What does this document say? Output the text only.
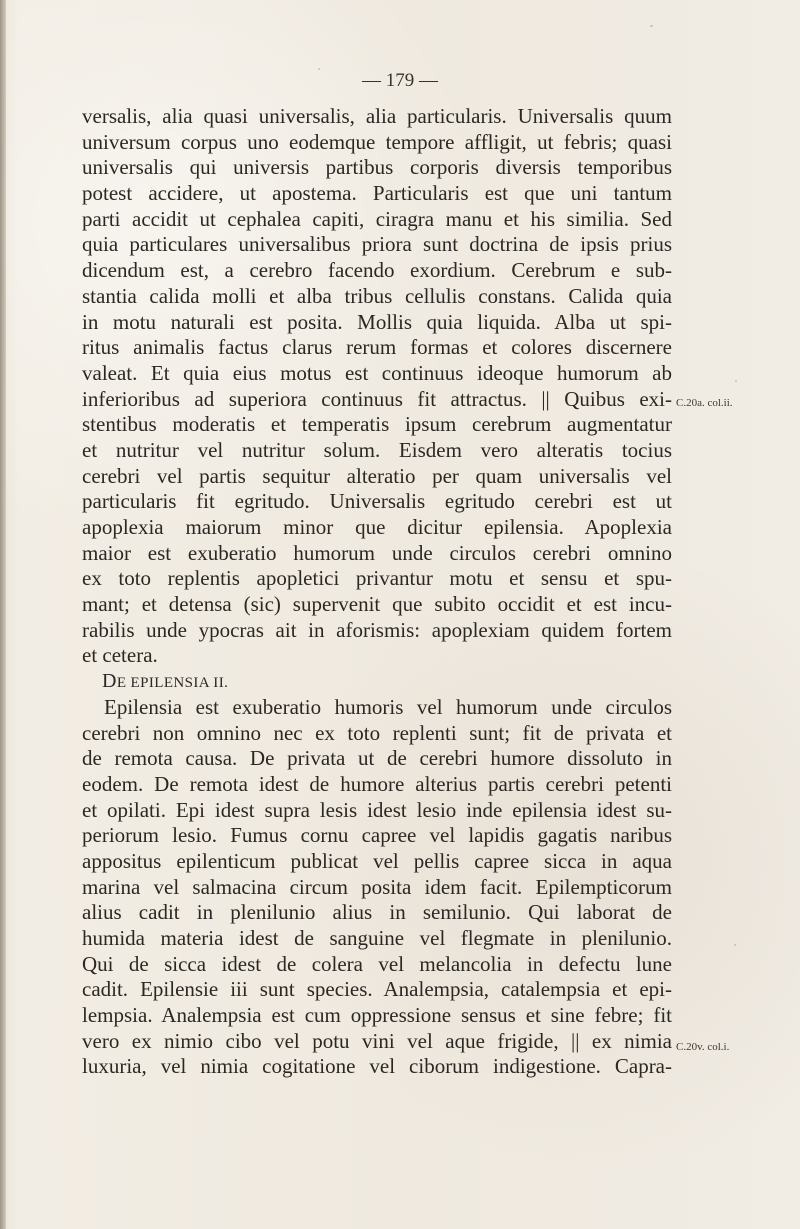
— 179 —
versalis, alia quasi universalis, alia particularis. Universalis quum
universum corpus uno eodemque tempore affligit, ut febris; quasi
universalis qui universis partibus corporis diversis temporibus
potest accidere, ut apostema. Particularis est que uni tantum
parti accidit ut cephalea capiti, ciragra manu et his similia. Sed
quia particulares universalibus priora sunt doctrina de ipsis prius
dicendum est, a cerebro facendo exordium. Cerebrum e sub-
stantia calida molli et alba tribus cellulis constans. Calida quia
in motu naturali est posita. Mollis quia liquida. Alba ut spi-
ritus animalis factus clarus rerum formas et colores discernere
valeat. Et quia eius motus est continuus ideoque humorum ab
inferioribus ad superiora continuus fit attractus. || Quibus exi-
stentibus moderatis et temperatis ipsum cerebrum augmentatur
et nutritur vel nutritur solum. Eisdem vero alteratis tocius
cerebri vel partis sequitur alteratio per quam universalis vel
particularis fit egritudo. Universalis egritudo cerebri est ut
apoplexia maiorum minor que dicitur epilensia. Apoplexia
maior est exuberatio humorum unde circulos cerebri omnino
ex toto replentis apopletici privantur motu et sensu et spu-
mant; et detensa (sic) supervenit que subito occidit et est incu-
rabilis unde ypocras ait in aforismis: apoplexiam quidem fortem
et cetera.
DE EPILENSIA II.
Epilensia est exuberatio humoris vel humorum unde circulos
cerebri non omnino nec ex toto replenti sunt; fit de privata et
de remota causa. De privata ut de cerebri humore dissoluto in
eodem. De remota idest de humore alterius partis cerebri petenti
et opilati. Epi idest supra lesis idest lesio inde epilensia idest su-
periorum lesio. Fumus cornu capree vel lapidis gagatis naribus
appositus epilenticum publicat vel pellis capree sicca in aqua
marina vel salmacina circum posita idem facit. Epilempticorum
alius cadit in plenilunio alius in semilunio. Qui laborat de
humida materia idest de sanguine vel flegmate in plenilunio.
Qui de sicca idest de colera vel melancolia in defectu lune
cadit. Epilensie iii sunt species. Analempsia, catalempsia et epi-
lempsia. Analempsia est cum oppressione sensus et sine febre; fit
vero ex nimio cibo vel potu vini vel aque frigide, || ex nimia
luxuria, vel nimia cogitatione vel ciborum indigestione. Capra-
C.20a. col.ii.
C.20v. col.i.
